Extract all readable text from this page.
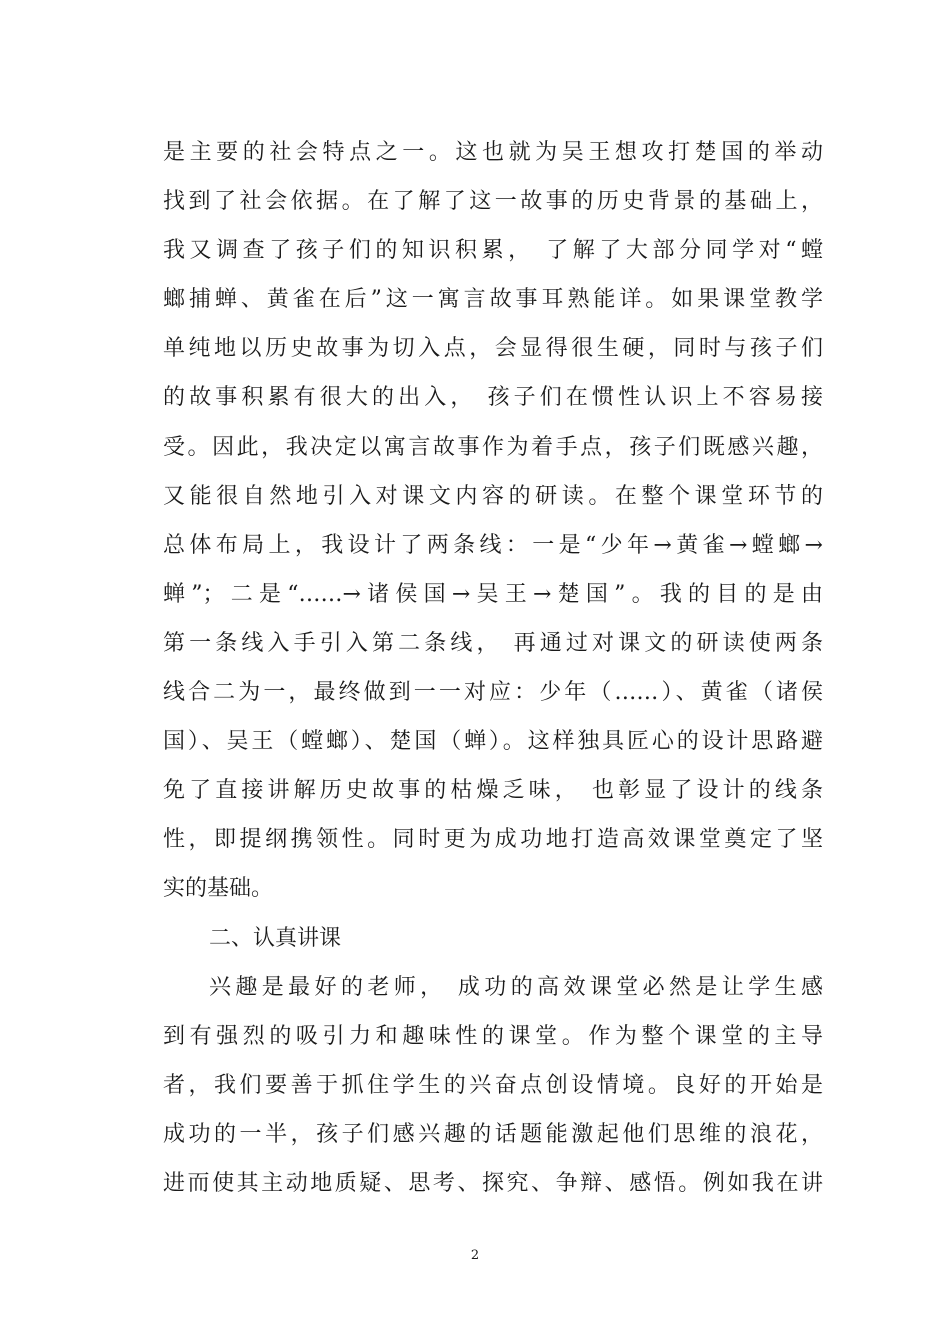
是主要的社会特点之一。这也就为吴王想攻打楚国的举动
找到了社会依据。在了解了这一故事的历史背景的基础上，
我又调查了孩子们的知识积累， 了解了大部分同学对“螳
螂捕蝉、黄雀在后”这一寓言故事耳熟能详。如果课堂教学
单纯地以历史故事为切入点，会显得很生硬，同时与孩子们
的故事积累有很大的出入， 孩子们在惯性认识上不容易接
受。因此，我决定以寓言故事作为着手点，孩子们既感兴趣，
又能很自然地引入对课文内容的研读。在整个课堂环节的
总体布局上，我设计了两条线：一是“少年→黄雀→螳螂→
蝉”；二是“……→诸侯国→吴王→楚国”。我的目的是由
第一条线入手引入第二条线， 再通过对课文的研读使两条
线合二为一，最终做到一一对应：少年（……）、黄雀（诸侯
国）、吴王（螳螂）、楚国（蝉）。这样独具匠心的设计思路避
免了直接讲解历史故事的枯燥乏味， 也彰显了设计的线条
性，即提纲携领性。同时更为成功地打造高效课堂奠定了坚
实的基础。
二、认真讲课
兴趣是最好的老师， 成功的高效课堂必然是让学生感
到有强烈的吸引力和趣味性的课堂。作为整个课堂的主导
者，我们要善于抓住学生的兴奋点创设情境。良好的开始是
成功的一半，孩子们感兴趣的话题能激起他们思维的浪花，
进而使其主动地质疑、思考、探究、争辩、感悟。例如我在讲
2
